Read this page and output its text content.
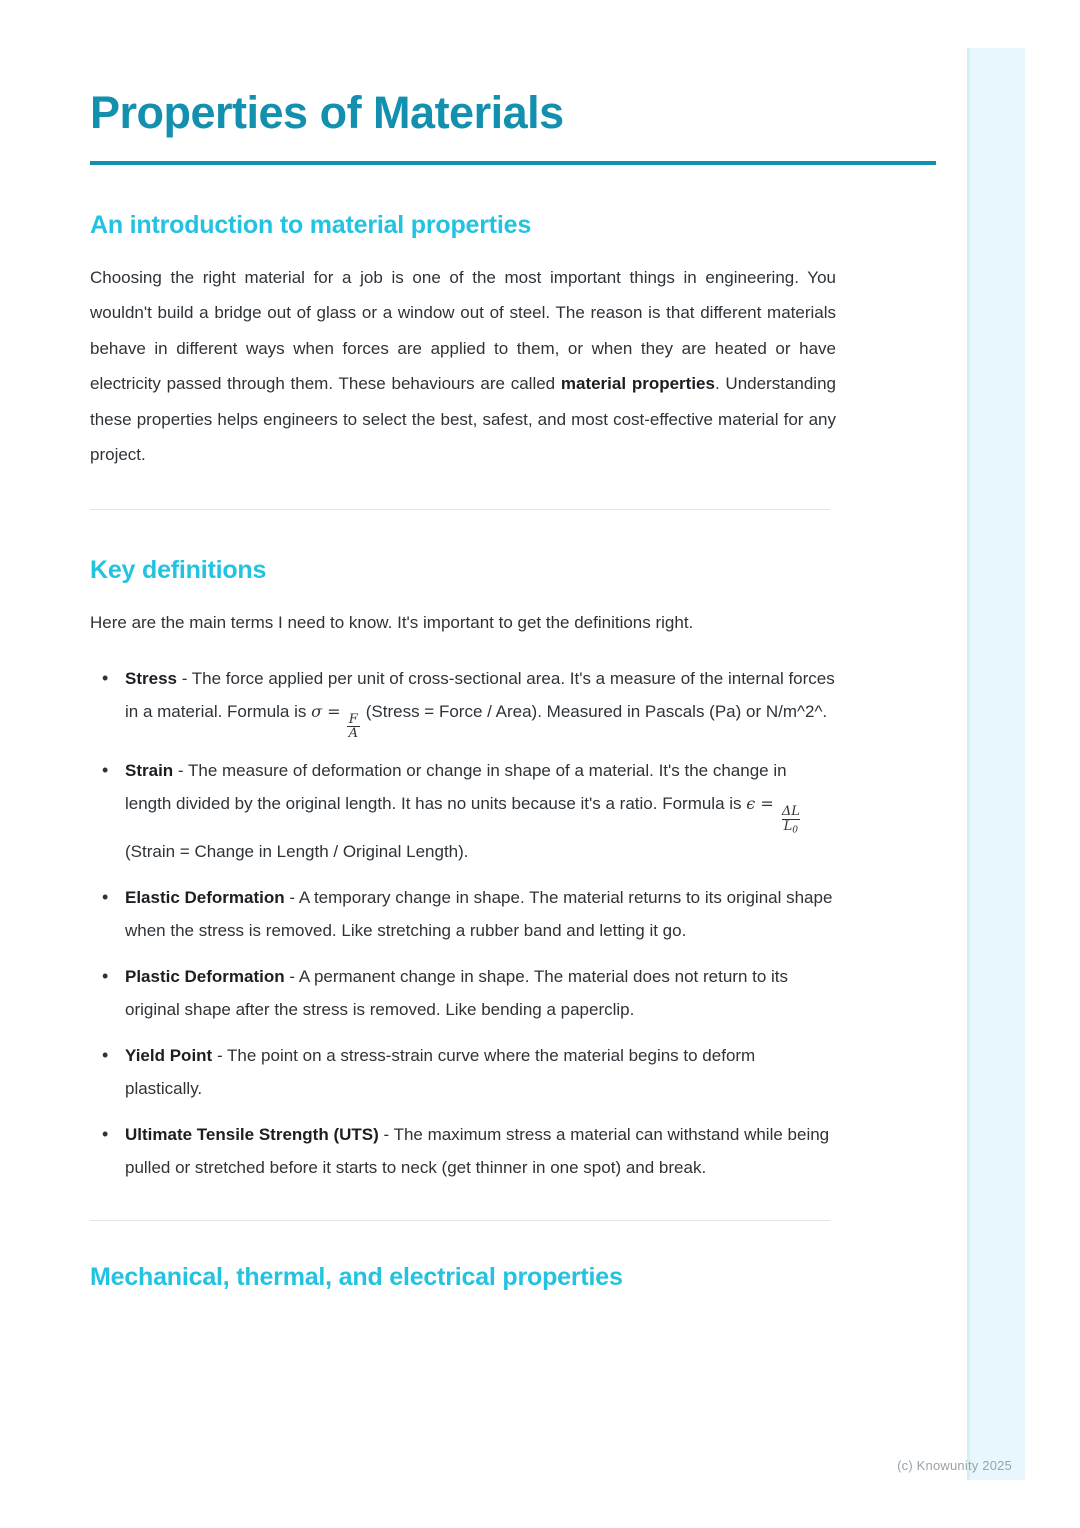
Properties of Materials
An introduction to material properties

Choosing the right material for a job is one of the most important things in engineering. You wouldn't build a bridge out of glass or a window out of steel. The reason is that different materials behave in different ways when forces are applied to them, or when they are heated or have electricity passed through them. These behaviours are called material properties. Understanding these properties helps engineers to select the best, safest, and most cost-effective material for any project.

Key definitions

Here are the main terms I need to know. It's important to get the definitions right.

• Stress - The force applied per unit of cross-sectional area. It's a measure of the internal forces in a material. Formula is σ =
$\frac{F}{A}$
(Stress = Force / Area). Measured in Pascals (Pa) or N/m^2^.
• Strain - The measure of deformation or change in shape of a material. It's the change in length divided by the original length. It has no units because it's a ratio. Formula is ϵ =
$\frac{\Delta L}{L_0}$
(Strain = Change in Length / Original Length).
• Elastic Deformation - A temporary change in shape. The material returns to its original shape when the stress is removed. Like stretching a rubber band and letting it go.
• Plastic Deformation - A permanent change in shape. The material does not return to its original shape after the stress is removed. Like bending a paperclip.
• Yield Point - The point on a stress-strain curve where the material begins to deform plastically.
• Ultimate Tensile Strength (UTS) - The maximum stress a material can withstand while being pulled or stretched before it starts to neck (get thinner in one spot) and break.
Mechanical, thermal, and electrical properties
(c) Knowunity 2025
